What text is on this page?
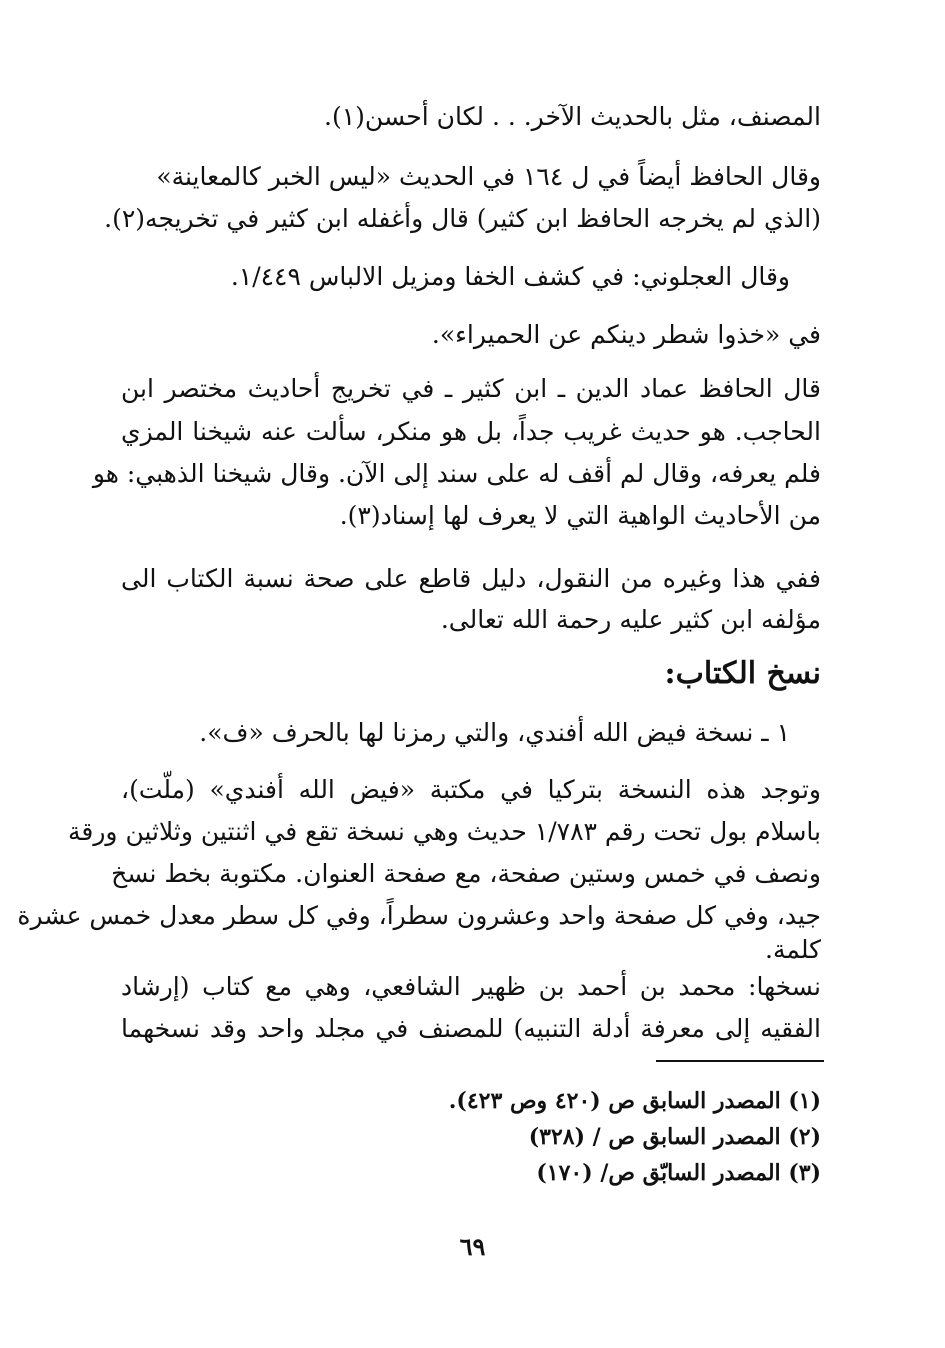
المصنف، مثل بالحديث الآخر. . . لكان أحسن(١).
وقال الحافظ أيضاً في ل ١٦٤ في الحديث «ليس الخبر كالمعاينة»
(الذي لم يخرجه الحافظ ابن كثير) قال وأغفله ابن كثير في تخريجه(٢).
وقال العجلوني: في كشف الخفا ومزيل الالباس ١/٤٤٩.
في «خذوا شطر دينكم عن الحميراء».
قال الحافظ عماد الدين ـ ابن كثير ـ في تخريج أحاديث مختصر ابن
الحاجب. هو حديث غريب جداً، بل هو منكر، سألت عنه شيخنا المزي
فلم يعرفه، وقال لم أقف له على سند إلى الآن. وقال شيخنا الذهبي: هو
من الأحاديث الواهية التي لا يعرف لها إسناد(٣).
ففي هذا وغيره من النقول، دليل قاطع على صحة نسبة الكتاب الى
مؤلفه ابن كثير عليه رحمة الله تعالى.
نسخ الكتاب:
١ ـ نسخة فيض الله أفندي، والتي رمزنا لها بالحرف «ف».
وتوجد هذه النسخة بتركيا في مكتبة «فيض الله أفندي» (ملّت)،
باسلام بول تحت رقم ١/٧٨٣ حديث وهي نسخة تقع في اثنتين وثلاثين ورقة
ونصف في خمس وستين صفحة، مع صفحة العنوان. مكتوبة بخط نسخ
جيد، وفي كل صفحة واحد وعشرون سطراً، وفي كل سطر معدل خمس عشرة
كلمة.
نسخها: محمد بن أحمد بن ظهير الشافعي، وهي مع كتاب (إرشاد
الفقيه إلى معرفة أدلة التنبيه) للمصنف في مجلد واحد وقد نسخهما
(١) المصدر السابق ص (٤٢٠ وص ٤٢٣).
(٢) المصدر السابق ص / (٣٢٨)
(٣) المصدر السابّق ص/ (١٧٠)
٦٩
